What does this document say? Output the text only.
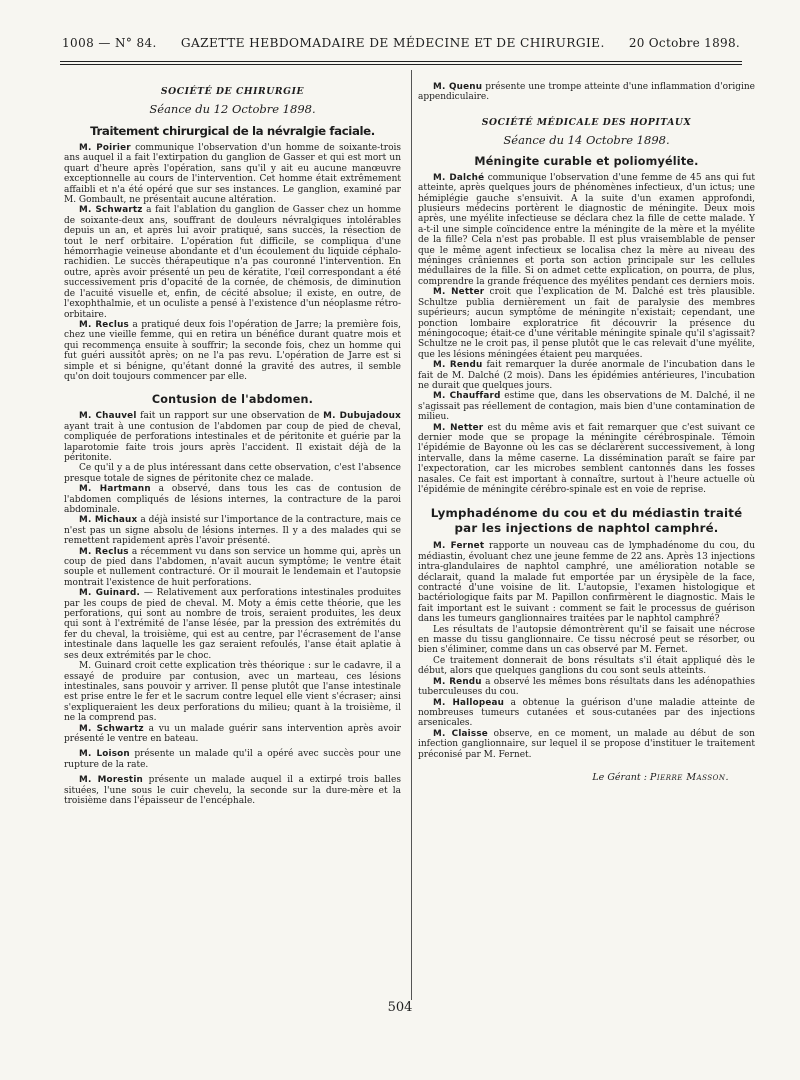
1008 — N° 84. GAZETTE HEBDOMADAIRE DE MÉDECINE ET DE CHIRURGIE. 20 Octobre 1898.
SOCIÉTÉ DE CHIRURGIE
Séance du 12 Octobre 1898.
Traitement chirurgical de la névralgie faciale.

M. Poirier communique l'observation d'un homme de soixante-trois ans auquel il a fait l'extirpation du ganglion de Gasser et qui est mort un quart d'heure après l'opération, sans qu'il y ait eu aucune manœuvre exceptionnelle au cours de l'intervention. Cet homme était extrêmement affaibli et n'a été opéré que sur ses instances. Le ganglion, examiné par M. Gombault, ne présentait aucune altération.

M. Schwartz a fait l'ablation du ganglion de Gasser chez un homme de soixante-deux ans, souffrant de douleurs névralgiques intolérables depuis un an, et après lui avoir pratiqué, sans succès, la résection de tout le nerf orbitaire. L'opération fut difficile, se compliqua d'une hémorrhagie veineuse abondante et d'un écoulement du liquide céphalo-rachidien. Le succès thérapeutique n'a pas couronné l'intervention. En outre, après avoir présenté un peu de kératite, l'œil correspondant a été successivement pris d'opacité de la cornée, de chémosis, de diminution de l'acuité visuelle et, enfin, de cécité absolue; il existe, en outre, de l'exophthalmie, et un oculiste a pensé à l'existence d'un néoplasme rétro-orbitaire.

M. Reclus a pratiqué deux fois l'opération de Jarre; la première fois, chez une vieille femme, qui en retira un bénéfice durant quatre mois et qui recommença ensuite à souffrir; la seconde fois, chez un homme qui fut guéri aussitôt après; on ne l'a pas revu. L'opération de Jarre est si simple et si bénigne, qu'étant donné la gravité des autres, il semble qu'on doit toujours commencer par elle.

Contusion de l'abdomen.

M. Chauvel fait un rapport sur une observation de M. Dubujadoux ayant trait à une contusion de l'abdomen par coup de pied de cheval, compliquée de perforations intestinales et de péritonite et guérie par la laparotomie faite trois jours après l'accident. Il existait déjà de la péritonite.

Ce qu'il y a de plus intéressant dans cette observation, c'est l'absence presque totale de signes de péritonite chez ce malade.

M. Hartmann a observé, dans tous les cas de contusion de l'abdomen compliqués de lésions internes, la contracture de la paroi abdominale.

M. Michaux a déjà insisté sur l'importance de la contracture, mais ce n'est pas un signe absolu de lésions internes. Il y a des malades qui se remettent rapidement après l'avoir présenté.

M. Reclus a récemment vu dans son service un homme qui, après un coup de pied dans l'abdomen, n'avait aucun symptôme; le ventre était souple et nullement contracturé. Or il mourait le lendemain et l'autopsie montrait l'existence de huit perforations.

M. Guinard. — Relativement aux perforations intestinales produites par les coups de pied de cheval. M. Moty a émis cette théorie, que les perforations, qui sont au nombre de trois, seraient produites, les deux qui sont à l'extrémité de l'anse lésée, par la pression des extrémités du fer du cheval, la troisième, qui est au centre, par l'écrasement de l'anse intestinale dans laquelle les gaz seraient refoulés, l'anse était aplatie à ses deux extrémités par le choc.

M. Guinard croit cette explication très théorique : sur le cadavre, il a essayé de produire par contusion, avec un marteau, ces lésions intestinales, sans pouvoir y arriver. Il pense plutôt que l'anse intestinale est prise entre le fer et le sacrum contre lequel elle vient s'écraser; ainsi s'expliqueraient les deux perforations du milieu; quant à la troisième, il ne la comprend pas.

M. Schwartz a vu un malade guérir sans intervention après avoir présenté le ventre en bateau.

M. Loison présente un malade qu'il a opéré avec succès pour une rupture de la rate.

M. Morestin présente un malade auquel il a extirpé trois balles situées, l'une sous le cuir chevelu, la seconde sur la dure-mère et la troisième dans l'épaisseur de l'encéphale.

M. Quenu présente une trompe atteinte d'une inflammation d'origine appendiculaire.

SOCIÉTÉ MÉDICALE DES HOPITAUX
Séance du 14 Octobre 1898.
Méningite curable et poliomyélite.

M. Dalché communique l'observation d'une femme de 45 ans qui fut atteinte, après quelques jours de phénomènes infectieux, d'un ictus; une hémiplégie gauche s'ensuivit. A la suite d'un examen approfondi, plusieurs médecins portèrent le diagnostic de méningite. Deux mois après, une myélite infectieuse se déclara chez la fille de cette malade. Y a-t-il une simple coïncidence entre la méningite de la mère et la myélite de la fille? Cela n'est pas probable. Il est plus vraisemblable de penser que le même agent infectieux se localisa chez la mère au niveau des méninges crâniennes et porta son action principale sur les cellules médullaires de la fille. Si on admet cette explication, on pourra, de plus, comprendre la grande fréquence des myélites pendant ces derniers mois.

M. Netter croit que l'explication de M. Dalché est très plausible. Schultze publia dernièrement un fait de paralysie des membres supérieurs; aucun symptôme de méningite n'existait; cependant, une ponction lombaire exploratrice fit découvrir la présence du méningocoque; était-ce d'une véritable méningite spinale qu'il s'agissait? Schultze ne le croit pas, il pense plutôt que le cas relevait d'une myélite, que les lésions méningées étaient peu marquées.

M. Rendu fait remarquer la durée anormale de l'incubation dans le fait de M. Dalché (2 mois). Dans les épidémies antérieures, l'incubation ne durait que quelques jours.

M. Chauffard estime que, dans les observations de M. Dalché, il ne s'agissait pas réellement de contagion, mais bien d'une contamination de milieu.

M. Netter est du même avis et fait remarquer que c'est suivant ce dernier mode que se propage la méningite cérébrospinale. Témoin l'épidémie de Bayonne où les cas se déclarèrent successivement, à long intervalle, dans la même caserne. La dissémination paraît se faire par l'expectoration, car les microbes semblent cantonnés dans les fosses nasales. Ce fait est important à connaître, surtout à l'heure actuelle où l'épidémie de méningite cérébro-spinale est en voie de reprise.

Lymphadénome du cou et du médiastin traité par les injections de naphtol camphré.

M. Fernet rapporte un nouveau cas de lymphadénome du cou, du médiastin, évoluant chez une jeune femme de 22 ans. Après 13 injections intra-glandulaires de naphtol camphré, une amélioration notable se déclarait, quand la malade fut emportée par un érysipèle de la face, contracté d'une voisine de lit. L'autopsie, l'examen histologique et bactériologique faits par M. Papillon confirmèrent le diagnostic. Mais le fait important est le suivant : comment se fait le processus de guérison dans les tumeurs ganglionnaires traitées par le naphtol camphré?

Les résultats de l'autopsie démontrèrent qu'il se faisait une nécrose en masse du tissu ganglionnaire. Ce tissu nécrosé peut se résorber, ou bien s'éliminer, comme dans un cas observé par M. Fernet.

Ce traitement donnerait de bons résultats s'il était appliqué dès le début, alors que quelques ganglions du cou sont seuls atteints.

M. Rendu a observé les mêmes bons résultats dans les adénopathies tuberculeuses du cou.

M. Hallopeau a obtenue la guérison d'une maladie atteinte de nombreuses tumeurs cutanées et sous-cutanées par des injections arsenicales.

M. Claisse observe, en ce moment, un malade au début de son infection ganglionnaire, sur lequel il se propose d'instituer le traitement préconisé par M. Fernet.

Le Gérant : Pierre Masson.
504
